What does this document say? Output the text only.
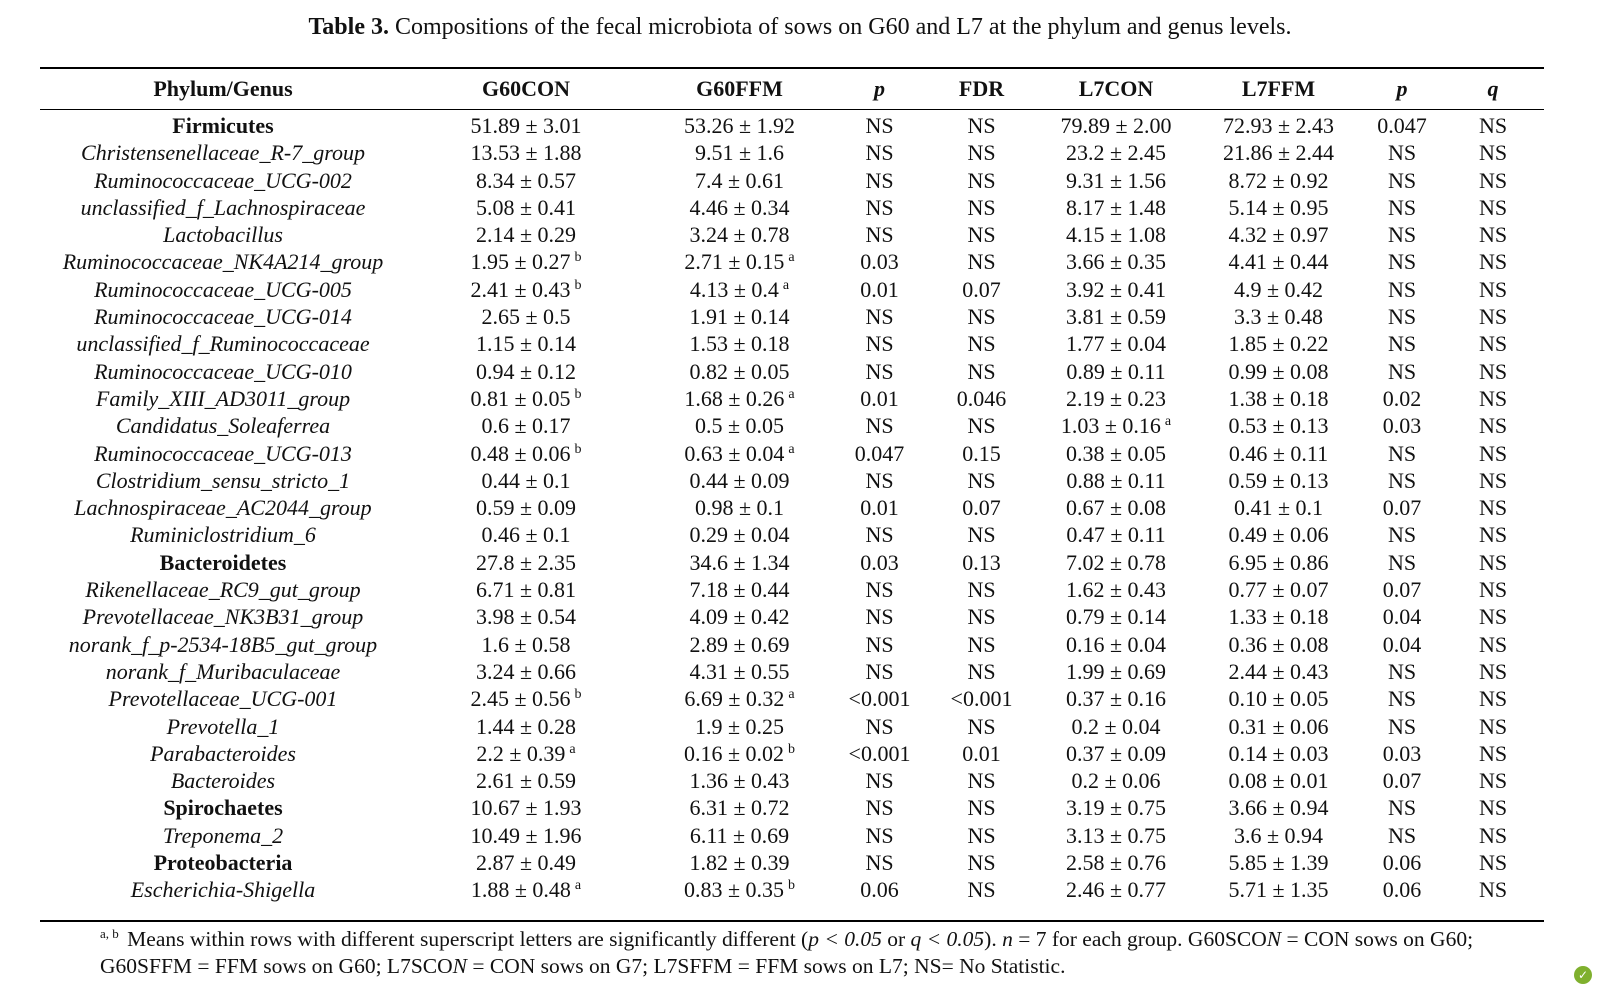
Table 3. Compositions of the fecal microbiota of sows on G60 and L7 at the phylum and genus levels.
Phylum/Genus	G60CON	G60FFM	p	FDR	L7CON	L7FFM	p	q
Firmicutes	51.89 ± 3.01	53.26 ± 1.92	NS	NS	79.89 ± 2.00	72.93 ± 2.43	0.047	NS
Christensenellaceae_R-7_group	13.53 ± 1.88	9.51 ± 1.6	NS	NS	23.2 ± 2.45	21.86 ± 2.44	NS	NS
Ruminococcaceae_UCG-002	8.34 ± 0.57	7.4 ± 0.61	NS	NS	9.31 ± 1.56	8.72 ± 0.92	NS	NS
unclassified_f_Lachnospiraceae	5.08 ± 0.41	4.46 ± 0.34	NS	NS	8.17 ± 1.48	5.14 ± 0.95	NS	NS
Lactobacillus	2.14 ± 0.29	3.24 ± 0.78	NS	NS	4.15 ± 1.08	4.32 ± 0.97	NS	NS
Ruminococcaceae_NK4A214_group	1.95 ± 0.27 $^b$	2.71 ± 0.15 $^a$	0.03	NS	3.66 ± 0.35	4.41 ± 0.44	NS	NS
Ruminococcaceae_UCG-005	2.41 ± 0.43 $^b$	4.13 ± 0.4 $^a$	0.01	0.07	3.92 ± 0.41	4.9 ± 0.42	NS	NS
Ruminococcaceae_UCG-014	2.65 ± 0.5	1.91 ± 0.14	NS	NS	3.81 ± 0.59	3.3 ± 0.48	NS	NS
unclassified_f_Ruminococcaceae	1.15 ± 0.14	1.53 ± 0.18	NS	NS	1.77 ± 0.04	1.85 ± 0.22	NS	NS
Ruminococcaceae_UCG-010	0.94 ± 0.12	0.82 ± 0.05	NS	NS	0.89 ± 0.11	0.99 ± 0.08	NS	NS
Family_XIII_AD3011_group	0.81 ± 0.05 $^b$	1.68 ± 0.26 $^a$	0.01	0.046	2.19 ± 0.23	1.38 ± 0.18	0.02	NS
Candidatus_Soleaferrea	0.6 ± 0.17	0.5 ± 0.05	NS	NS	1.03 ± 0.16 $^a$	0.53 ± 0.13	0.03	NS
Ruminococcaceae_UCG-013	0.48 ± 0.06 $^b$	0.63 ± 0.04 $^a$	0.047	0.15	0.38 ± 0.05	0.46 ± 0.11	NS	NS
Clostridium_sensu_stricto_1	0.44 ± 0.1	0.44 ± 0.09	NS	NS	0.88 ± 0.11	0.59 ± 0.13	NS	NS
Lachnospiraceae_AC2044_group	0.59 ± 0.09	0.98 ± 0.1	0.01	0.07	0.67 ± 0.08	0.41 ± 0.1	0.07	NS
Ruminiclostridium_6	0.46 ± 0.1	0.29 ± 0.04	NS	NS	0.47 ± 0.11	0.49 ± 0.06	NS	NS
Bacteroidetes	27.8 ± 2.35	34.6 ± 1.34	0.03	0.13	7.02 ± 0.78	6.95 ± 0.86	NS	NS
Rikenellaceae_RC9_gut_group	6.71 ± 0.81	7.18 ± 0.44	NS	NS	1.62 ± 0.43	0.77 ± 0.07	0.07	NS
Prevotellaceae_NK3B31_group	3.98 ± 0.54	4.09 ± 0.42	NS	NS	0.79 ± 0.14	1.33 ± 0.18	0.04	NS
norank_f_p-2534-18B5_gut_group	1.6 ± 0.58	2.89 ± 0.69	NS	NS	0.16 ± 0.04	0.36 ± 0.08	0.04	NS
norank_f_Muribaculaceae	3.24 ± 0.66	4.31 ± 0.55	NS	NS	1.99 ± 0.69	2.44 ± 0.43	NS	NS
Prevotellaceae_UCG-001	2.45 ± 0.56 $^b$	6.69 ± 0.32 $^a$	<0.001	<0.001	0.37 ± 0.16	0.10 ± 0.05	NS	NS
Prevotella_1	1.44 ± 0.28	1.9 ± 0.25	NS	NS	0.2 ± 0.04	0.31 ± 0.06	NS	NS
Parabacteroides	2.2 ± 0.39 $^a$	0.16 ± 0.02 $^b$	<0.001	0.01	0.37 ± 0.09	0.14 ± 0.03	0.03	NS
Bacteroides	2.61 ± 0.59	1.36 ± 0.43	NS	NS	0.2 ± 0.06	0.08 ± 0.01	0.07	NS
Spirochaetes	10.67 ± 1.93	6.31 ± 0.72	NS	NS	3.19 ± 0.75	3.66 ± 0.94	NS	NS
Treponema_2	10.49 ± 1.96	6.11 ± 0.69	NS	NS	3.13 ± 0.75	3.6 ± 0.94	NS	NS
Proteobacteria	2.87 ± 0.49	1.82 ± 0.39	NS	NS	2.58 ± 0.76	5.85 ± 1.39	0.06	NS
Escherichia-Shigella	1.88 ± 0.48 $^a$	0.83 ± 0.35 $^b$	0.06	NS	2.46 ± 0.77	5.71 ± 1.35	0.06	NS
$^{a, b}$ Means within rows with different superscript letters are significantly different (p < 0.05 or q < 0.05). n = 7 for each group. G60SCON = CON sows on G60; G60SFFM = FFM sows on G60; L7SCON = CON sows on G7; L7SFFM = FFM sows on L7; NS= No Statistic.	✓
